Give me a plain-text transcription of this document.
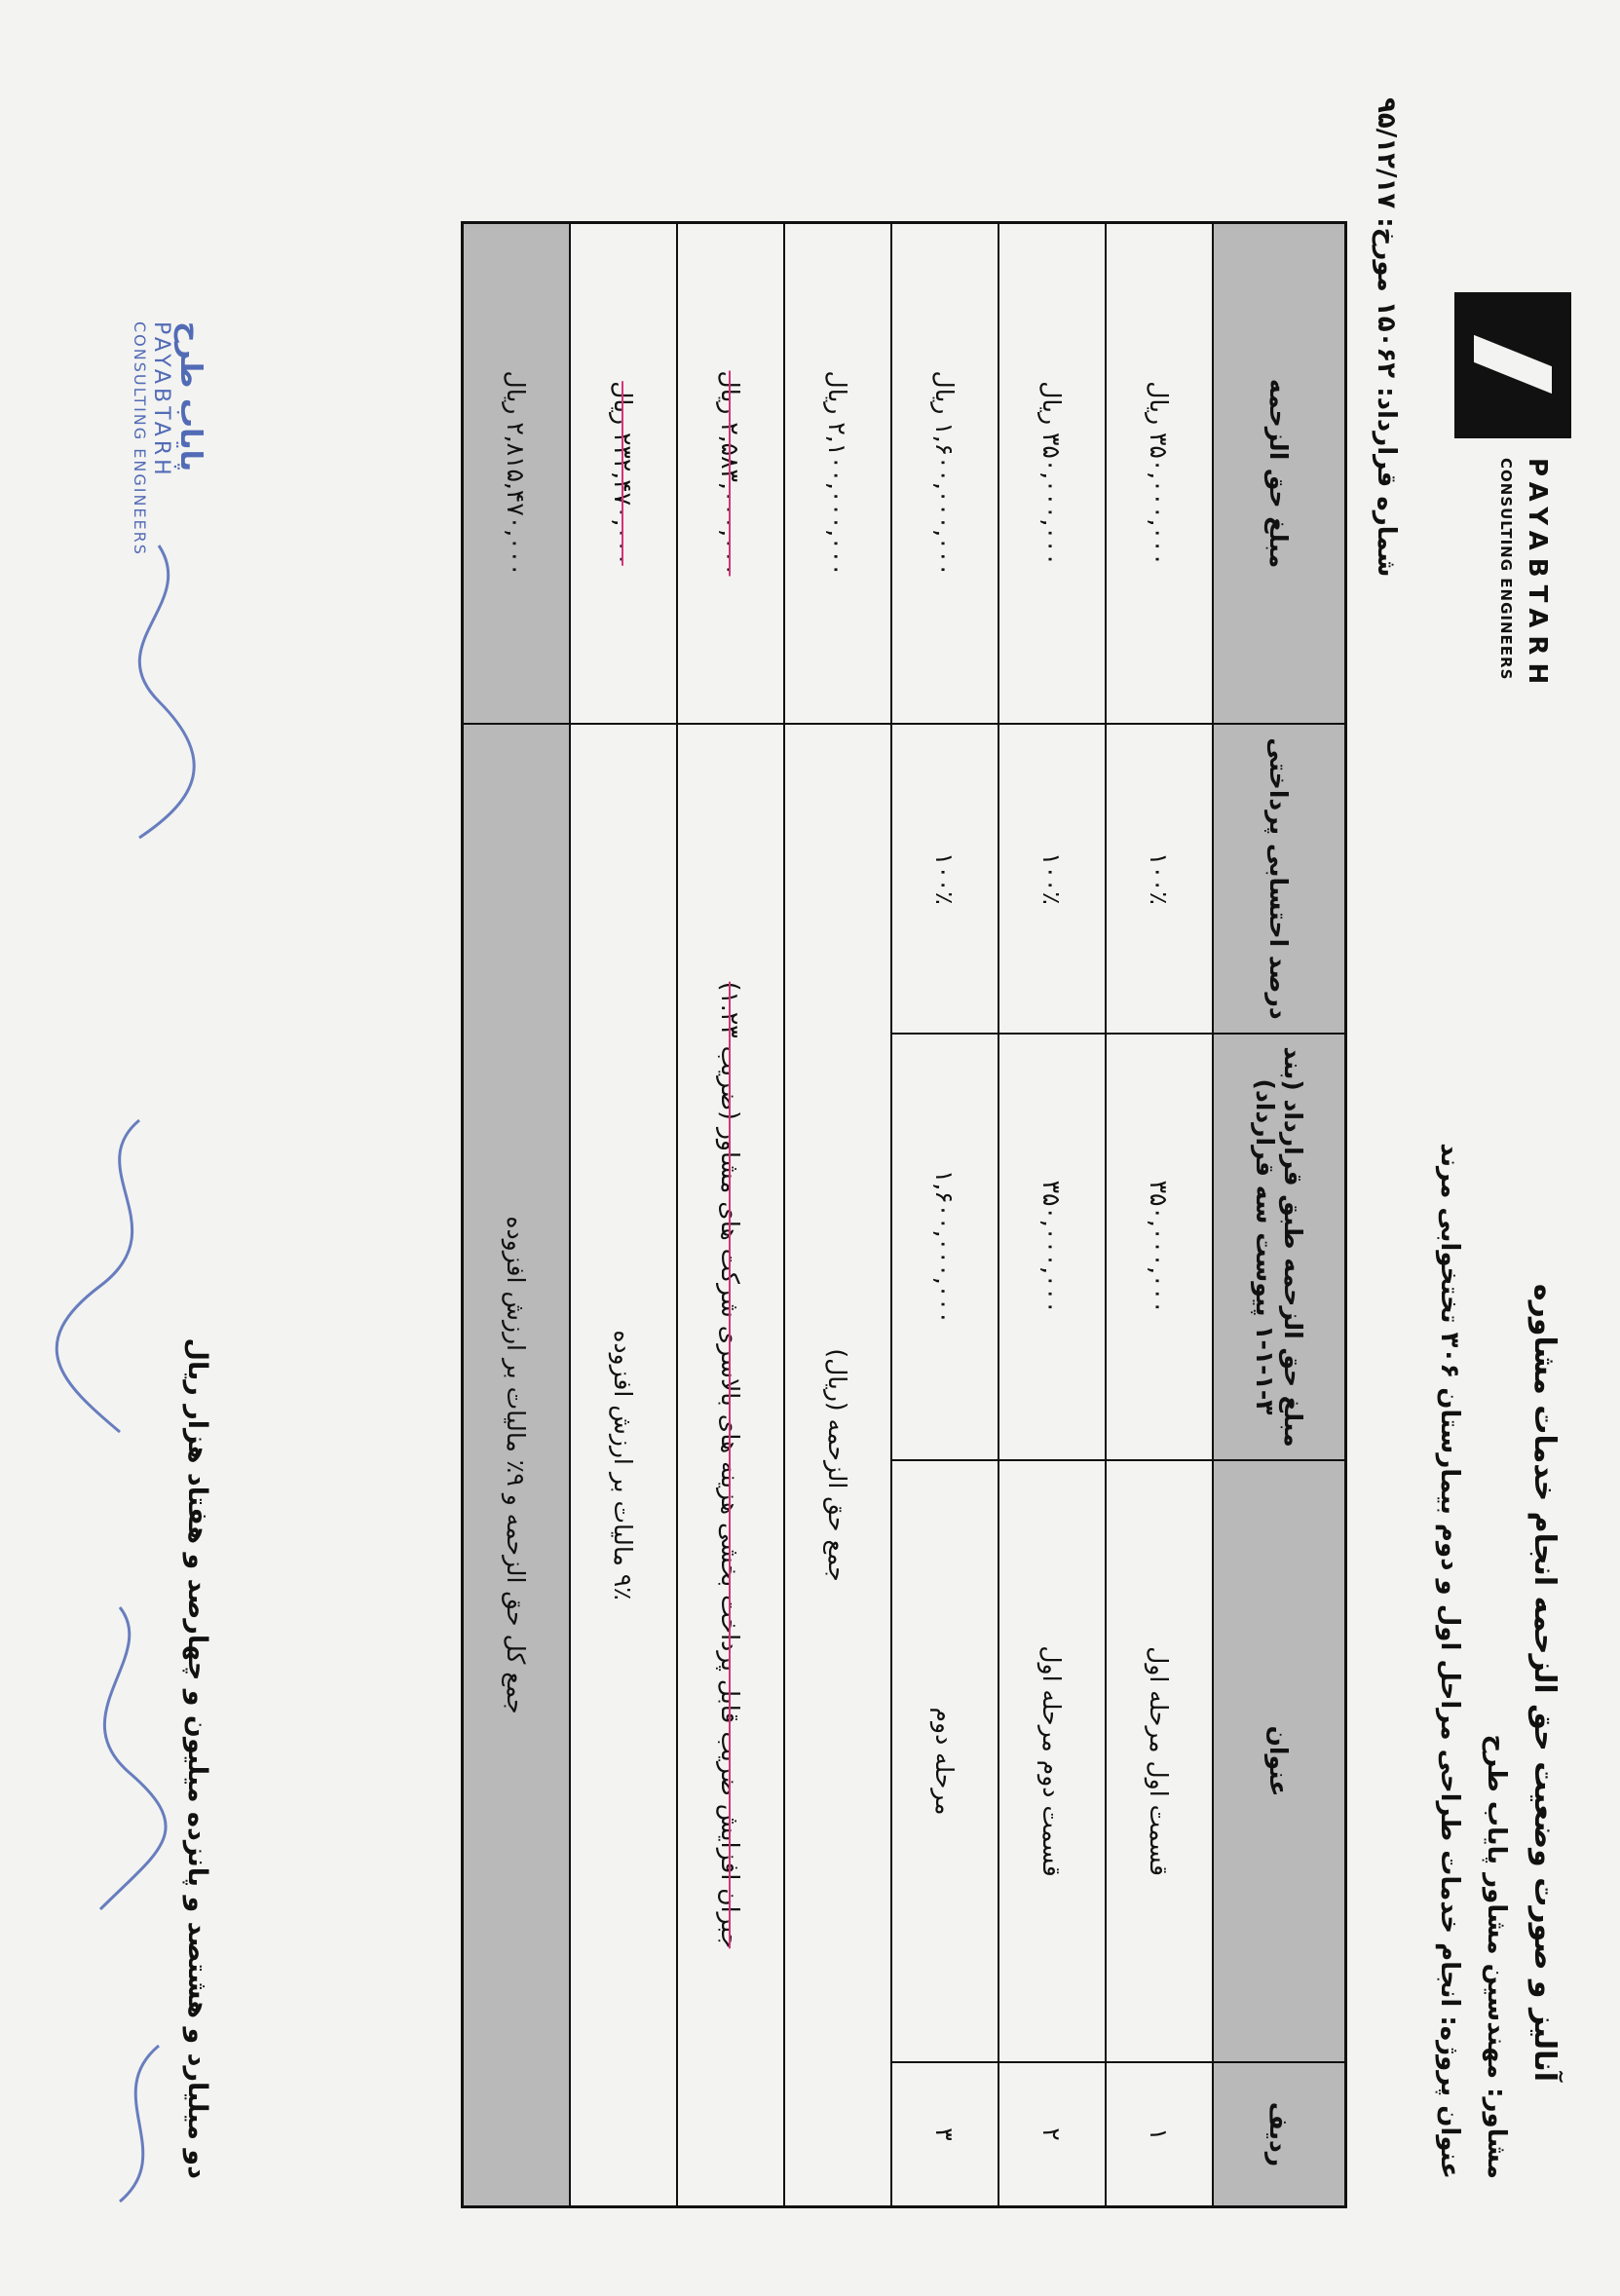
آنالیز و صورت وضعیت حق الزحمه انجام خدمات مشاوره
مشاور: مهندسین مشاور پاياب طرح
عنوان پروژه: انجام خدمات طراحی مراحل اول و دوم بیمارستان ۳۰۶ تختخوابی مرند
شماره قرارداد: ۱۵۰۶۲ مورخ: ۹۵/۱۲/۱۷	PAYABTARH
CONSULTING ENGINEERS
ردیف	عنوان	مبلغ حق الزحمه طبق قرارداد (بند ۳-۱-۱-۱ پیوست سه قرارداد)	درصد احتسابی پرداختی	مبلغ حق الزحمه
۱	قسمت اول مرحله اول	۳۵۰,۰۰۰,۰۰۰	۱۰۰٪	۳۵۰,۰۰۰,۰۰۰ ریال
۲	قسمت دوم مرحله اول	۳۵۰,۰۰۰,۰۰۰	۱۰۰٪	۳۵۰,۰۰۰,۰۰۰ ریال
۳	مرحله دوم	۱,۶۰۰,۰۰۰,۰۰۰	۱۰۰٪	۱,۶۰۰,۰۰۰,۰۰۰ ریال
جمع حق الزحمه (ریال)				۲,۱۰۰,۰۰۰,۰۰۰ ریال
جبران افزایش ضریب قابل پرداخت بخشی هزینه های بالاسری شرکت های مشاور (ضریب ۱.۲۳)				۲,۵۸۳,۰۰۰,۰۰۰ ریال
۹٪ مالیات بر ارزش افزوده				۲۳۲,۴۷۰,۰۰۰ ریال
جمع کل حق الزحمه و ۹٪ مالیات بر ارزش افزوده				۲,۸۱۵,۴۷۰,۰۰۰ ریال
دو میلیارد و هشتصد و پانزده میلیون و چهارصد و هفتاد هزار ریال
پاياب طرح
PAYABTARH
CONSULTING ENGINEERS
